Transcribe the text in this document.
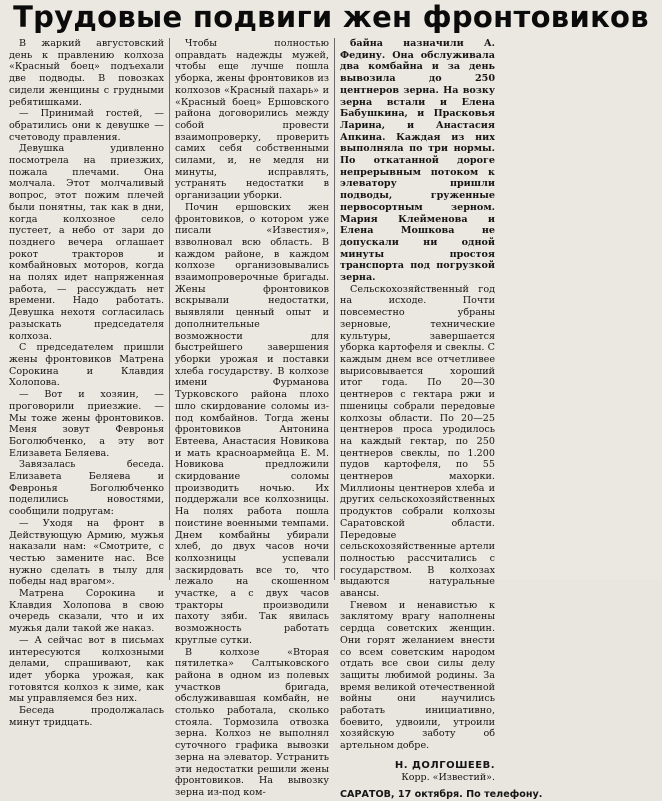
Трудовые подвиги жен фронтовиков

В жаркий августовский день к правлению колхоза «Красный боец» подъехали две подводы. В повозках сидели женщины с грудными ребятишками.

— Принимай гостей, — обратились они к девушке — счетоводу правления.

Девушка удивленно посмотрела на приезжих, пожала плечами. Она молчала. Этот молчаливый вопрос, этот пожим плечей были понятны, так как в дни, когда колхозное село пустеет, а небо от зари до позднего вечера оглашает рокот тракторов и комбайновых моторов, когда на полях идет напряженная работа, — рассуждать нет времени. Надо работать. Девушка нехотя согласилась разыскать председателя колхоза.

С председателем пришли жены фронтовиков Матрена Сорокина и Клавдия Холопова.

— Вот и хозяин, — проговорили приезжие. — Мы тоже жены фронтовиков. Меня зовут Февронья Боголюбченко, а эту вот Елизавета Беляева.

Завязалась беседа. Елизавета Беляева и Февронья Боголюбченко поделились новостями, сообщили подругам:

— Уходя на фронт в Действующую Армию, мужья наказали нам: «Смотрите, с честью замените нас. Все нужно сделать в тылу для победы над врагом».

Матрена Сорокина и Клавдия Холопова в свою очередь сказали, что и их мужья дали такой же наказ.

— А сейчас вот в письмах интересуются колхозными делами, спрашивают, как идет уборка урожая, как готовятся колхоз к зиме, как мы управляемся без них.

Беседа продолжалась минут тридцать.

Чтобы полностью оправдать надежды мужей, чтобы еще лучше пошла уборка, жены фронтовиков из колхозов «Красный пахарь» и «Красный боец» Ершовского района договорились между собой провести взаимопроверку, проверить самих себя собственными силами, и, не медля ни минуты, исправлять, устранять недостатки в организации уборки.

Почин ершовских жен фронтовиков, о котором уже писали «Известия», взволновал всю область. В каждом районе, в каждом колхозе организовывались взаимопроверочные бригады. Жены фронтовиков вскрывали недостатки, выявляли ценный опыт и дополнительные возможности для быстрейшего завершения уборки урожая и поставки хлеба государству. В колхозе имени Фурманова Турковского района плохо шло скирдование соломы из-под комбайнов. Тогда жены фронтовиков Антонина Евтеева, Анастасия Новикова и мать красноармейца Е. М. Новикова предложили скирдование соломы производить ночью. Их поддержали все колхозницы. На полях работа пошла поистине военными темпами. Днем комбайны убирали хлеб, до двух часов ночи колхозницы успевали заскирдовать все то, что лежало на скошенном участке, а с двух часов тракторы производили пахоту зяби. Так явилась возможность работать круглые сутки.

В колхозе «Вторая пятилетка» Салтыковского района в одном из полевых участков бригада, обслуживавшая комбайн, не столько работала, сколько стояла. Тормозила отвозка зерна. Колхоз не выполнял суточного графика вывозки зерна на элеватор. Устранить эти недостатки решили жены фронтовиков. На вывозку зерна из-под ком-

байна назначили А. Федину. Она обслуживала два комбайна и за день вывозила до 250 центнеров зерна. На возку зерна встали и Елена Бабушкина, и Прасковья Ларина, и Анастасия Апкина. Каждая из них выполняла по три нормы. По откатанной дороге непрерывным потоком к элеватору пришли подводы, груженные первосортным зерном. Мария Клейменова и Елена Мошкова не допускали ни одной минуты простоя транспорта под погрузкой зерна.

Сельскохозяйственный год на исходе. Почти повсеместно убраны зерновые, технические культуры, завершается уборка картофеля и свеклы. С каждым днем все отчетливее вырисовывается хороший итог года. По 20—30 центнеров с гектара ржи и пшеницы собрали передовые колхозы области. По 20—25 центнеров проса уродилось на каждый гектар, по 250 центнеров свеклы, по 1.200 пудов картофеля, по 55 центнеров махорки. Миллионы центнеров хлеба и других сельскохозяйственных продуктов собрали колхозы Саратовской области. Передовые сельскохозяйственные артели полностью рассчитались с государством. В колхозах выдаются натуральные авансы.

Гневом и ненавистью к заклятому врагу наполнены сердца советских женщин. Они горят желанием внести со всем советским народом отдать все свои силы делу защиты любимой родины. За время великой отечественной войны они научились работать инициативно, боевито, удвоили, утроили хозяйскую заботу об артельном добре.

Н. ДОЛГОШЕЕВ.
Корр. «Известий».
САРАТОВ, 17 октября. По телефону.
